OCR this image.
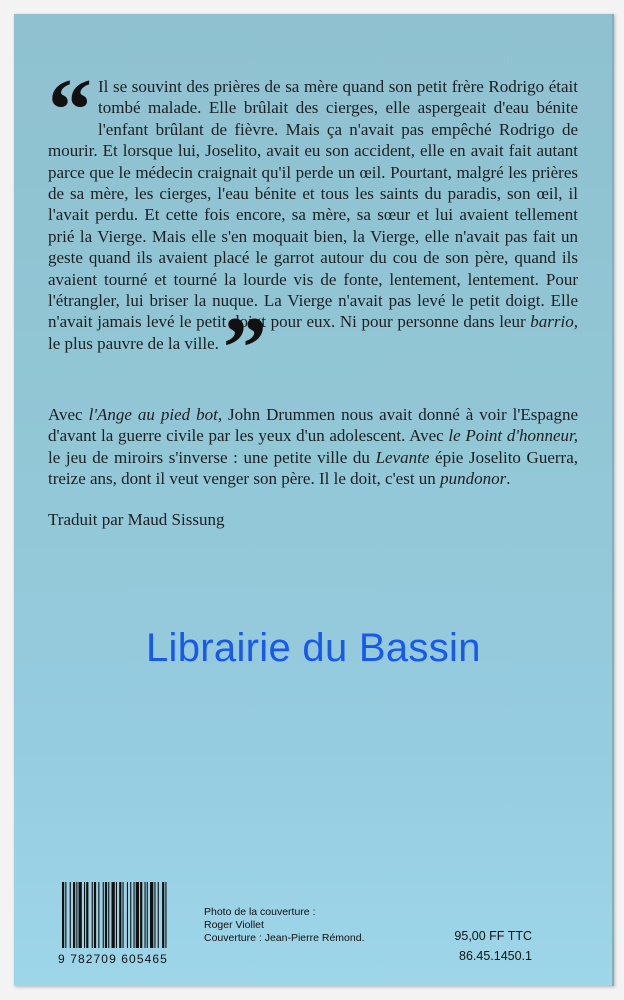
“ Il se souvint des prières de sa mère quand son petit frère Rodrigo était tombé malade. Elle brûlait des cierges, elle aspergeait d'eau bénite l'enfant brûlant de fièvre. Mais ça n'avait pas empêché Rodrigo de mourir. Et lorsque lui, Joselito, avait eu son accident, elle en avait fait autant parce que le médecin craignait qu'il perde un œil. Pourtant, malgré les prières de sa mère, les cierges, l'eau bénite et tous les saints du paradis, son œil, il l'avait perdu. Et cette fois encore, sa mère, sa sœur et lui avaient tellement prié la Vierge. Mais elle s'en moquait bien, la Vierge, elle n'avait pas fait un geste quand ils avaient placé le garrot autour du cou de son père, quand ils avaient tourné et tourné la lourde vis de fonte, lentement, lentement. Pour l'étrangler, lui briser la nuque. La Vierge n'avait pas levé le petit doigt. Elle n'avait jamais levé le petit doigt pour eux. Ni pour personne dans leur barrio, le plus pauvre de la ville.”
Avec l'Ange au pied bot, John Drummen nous avait donné à voir l'Espagne d'avant la guerre civile par les yeux d'un adolescent. Avec le Point d'honneur, le jeu de miroirs s'inverse : une petite ville du Levante épie Joselito Guerra, treize ans, dont il veut venger son père. Il le doit, c'est un pundonor.
Traduit par Maud Sissung
Librairie du Bassin
9 782709 605465
Photo de la couverture :
Roger Viollet
Couverture : Jean-Pierre Rémond.	95,00 FF TTC
86.45.1450.1
